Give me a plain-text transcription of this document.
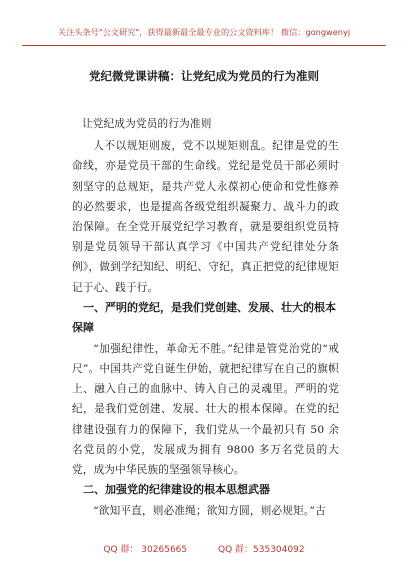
关注头条号"公文研究"，获得最新最全最专业的公文资料库！ 微信：gongwenyj
党纪微党课讲稿：让党纪成为党员的行为准则

让党纪成为党员的行为准则

人不以规矩则废，党不以规矩则乱。纪律是党的生命线，亦是党员干部的生命线。党纪是党员干部必须时刻坚守的总规矩，是共产党人永葆初心使命和党性修养的必然要求，也是提高各级党组织凝聚力、战斗力的政治保障。在全党开展党纪学习教育，就是要组织党员特别是党员领导干部认真学习《中国共产党纪律处分条例》，做到学纪知纪、明纪、守纪，真正把党的纪律规矩记于心、践于行。

一、严明的党纪，是我们党创建、发展、壮大的根本保障

“加强纪律性，革命无不胜。”纪律是管党治党的“戒尺”。中国共产党自诞生伊始，就把纪律写在自己的旗帜上、融入自己的血脉中、铸入自己的灵魂里。严明的党纪，是我们党创建、发展、壮大的根本保障。在党的纪律建设强有力的保障下，我们党从一个最初只有 50 余名党员的小党，发展成为拥有 9800 多万名党员的大党，成为中华民族的坚强领导核心。

二、加强党的纪律建设的根本思想武器

“欲知平直，则必准绳；欲知方圆，则必规矩。”古

QQ 群： 30265665	QQ 群：535304092
